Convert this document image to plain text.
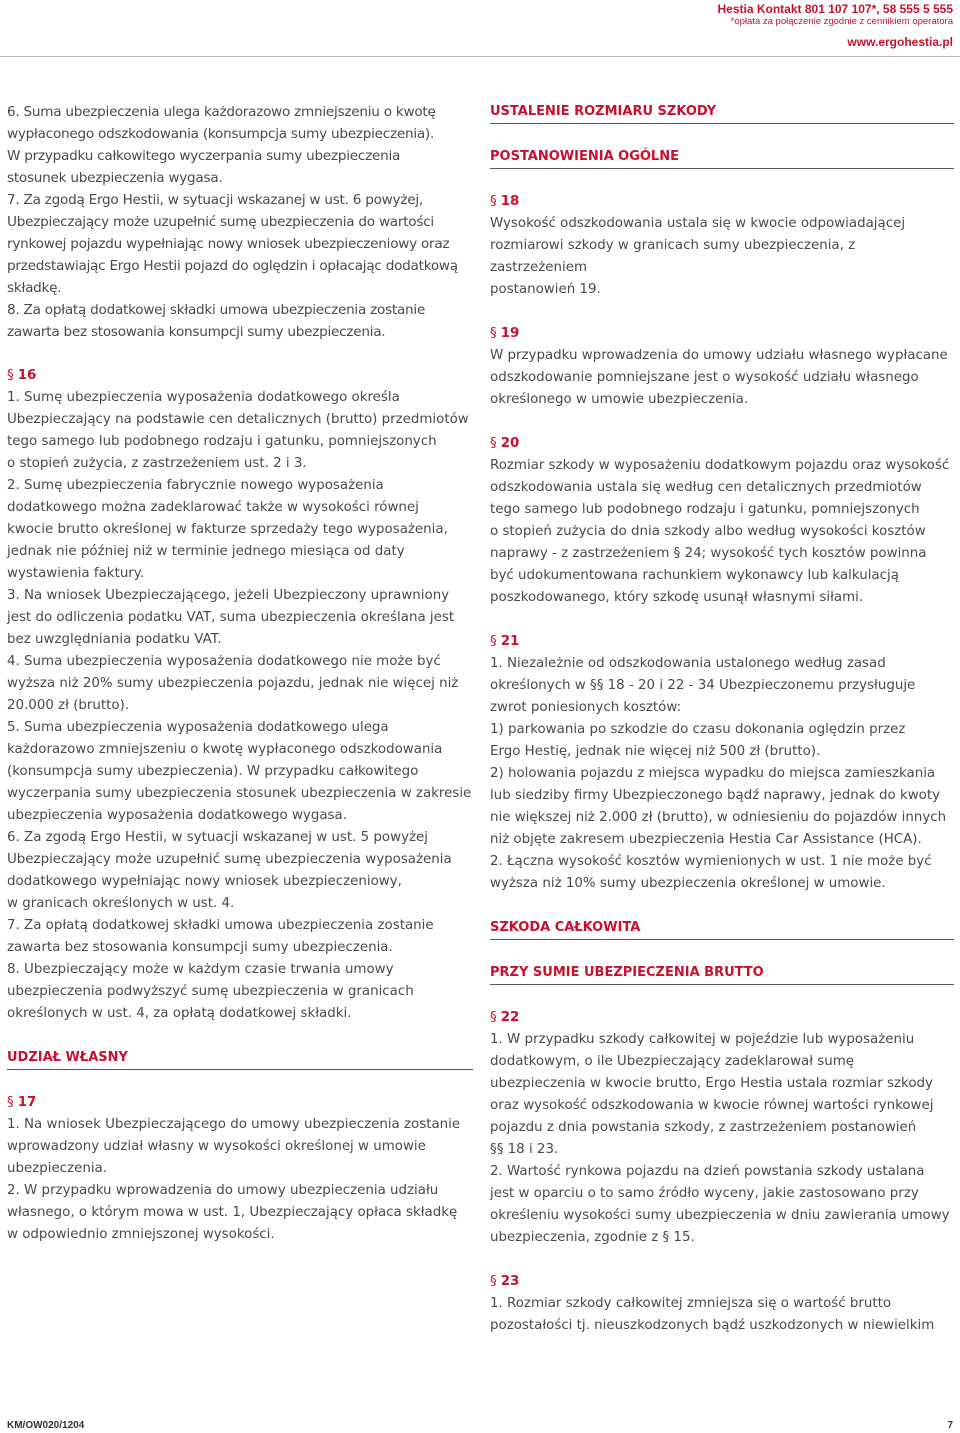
Hestia Kontakt 801 107 107*, 58 555 5 555
*opłata za połączenie zgodnie z cennikiem operatora
www.ergohestia.pl

6. Suma ubezpieczenia ulega każdorazowo zmniejszeniu o kwotę

wypłaconego odszkodowania (konsumpcja sumy ubezpieczenia).

W przypadku całkowitego wyczerpania sumy ubezpieczenia

stosunek ubezpieczenia wygasa.

7. Za zgodą Ergo Hestii, w sytuacji wskazanej w ust. 6 powyżej,

Ubezpieczający może uzupełnić sumę ubezpieczenia do wartości

rynkowej pojazdu wypełniając nowy wniosek ubezpieczeniowy oraz

przedstawiając Ergo Hestii pojazd do oględzin i opłacając dodatkową

składkę.

8. Za opłatą dodatkowej składki umowa ubezpieczenia zostanie

zawarta bez stosowania konsumpcji sumy ubezpieczenia.

§ 16

1. Sumę ubezpieczenia wyposażenia dodatkowego określa

Ubezpieczający na podstawie cen detalicznych (brutto) przedmiotów

tego samego lub podobnego rodzaju i gatunku, pomniejszonych

o stopień zużycia, z zastrzeżeniem ust. 2 i 3.

2. Sumę ubezpieczenia fabrycznie nowego wyposażenia

dodatkowego można zadeklarować także w wysokości równej

kwocie brutto określonej w fakturze sprzedaży tego wyposażenia,

jednak nie później niż w terminie jednego miesiąca od daty

wystawienia faktury.

3. Na wniosek Ubezpieczającego, jeżeli Ubezpieczony uprawniony

jest do odliczenia podatku VAT, suma ubezpieczenia określana jest

bez uwzględniania podatku VAT.

4. Suma ubezpieczenia wyposażenia dodatkowego nie może być

wyższa niż 20% sumy ubezpieczenia pojazdu, jednak nie więcej niż

20.000 zł (brutto).

5. Suma ubezpieczenia wyposażenia dodatkowego ulega

każdorazowo zmniejszeniu o kwotę wypłaconego odszkodowania

(konsumpcja sumy ubezpieczenia). W przypadku całkowitego

wyczerpania sumy ubezpieczenia stosunek ubezpieczenia w zakresie

ubezpieczenia wyposażenia dodatkowego wygasa.

6. Za zgodą Ergo Hestii, w sytuacji wskazanej w ust. 5 powyżej

Ubezpieczający może uzupełnić sumę ubezpieczenia wyposażenia

dodatkowego wypełniając nowy wniosek ubezpieczeniowy,

w granicach określonych w ust. 4.

7. Za opłatą dodatkowej składki umowa ubezpieczenia zostanie

zawarta bez stosowania konsumpcji sumy ubezpieczenia.

8. Ubezpieczający może w każdym czasie trwania umowy

ubezpieczenia podwyższyć sumę ubezpieczenia w granicach

określonych w ust. 4, za opłatą dodatkowej składki.

UDZIAŁ WŁASNY

§ 17

1. Na wniosek Ubezpieczającego do umowy ubezpieczenia zostanie

wprowadzony udział własny w wysokości określonej w umowie

ubezpieczenia.

2. W przypadku wprowadzenia do umowy ubezpieczenia udziału

własnego, o którym mowa w ust. 1, Ubezpieczający opłaca składkę

w odpowiednio zmniejszonej wysokości.

USTALENIE ROZMIARU SZKODY

POSTANOWIENIA OGÓLNE

§ 18

Wysokość odszkodowania ustala się w kwocie odpowiadającej

rozmiarowi szkody w granicach sumy ubezpieczenia, z zastrzeżeniem

postanowień 19.

§ 19

W przypadku wprowadzenia do umowy udziału własnego wypłacane

odszkodowanie pomniejszane jest o wysokość udziału własnego

określonego w umowie ubezpieczenia.

§ 20

Rozmiar szkody w wyposażeniu dodatkowym pojazdu oraz wysokość

odszkodowania ustala się według cen detalicznych przedmiotów

tego samego lub podobnego rodzaju i gatunku, pomniejszonych

o stopień zużycia do dnia szkody albo według wysokości kosztów

naprawy - z zastrzeżeniem § 24; wysokość tych kosztów powinna

być udokumentowana rachunkiem wykonawcy lub kalkulacją

poszkodowanego, który szkodę usunął własnymi siłami.

§ 21

1. Niezależnie od odszkodowania ustalonego według zasad

określonych w §§ 18 - 20 i 22 - 34 Ubezpieczonemu przysługuje

zwrot poniesionych kosztów:

1) parkowania po szkodzie do czasu dokonania oględzin przez

Ergo Hestię, jednak nie więcej niż 500 zł (brutto).

2) holowania pojazdu z miejsca wypadku do miejsca zamieszkania

lub siedziby firmy Ubezpieczonego bądź naprawy, jednak do kwoty

nie większej niż 2.000 zł (brutto), w odniesieniu do pojazdów innych

niż objęte zakresem ubezpieczenia Hestia Car Assistance (HCA).

2. Łączna wysokość kosztów wymienionych w ust. 1 nie może być

wyższa niż 10% sumy ubezpieczenia określonej w umowie.

SZKODA CAŁKOWITA

PRZY SUMIE UBEZPIECZENIA BRUTTO

§ 22

1. W przypadku szkody całkowitej w pojeździe lub wyposażeniu

dodatkowym, o ile Ubezpieczający zadeklarował sumę

ubezpieczenia w kwocie brutto, Ergo Hestia ustala rozmiar szkody

oraz wysokość odszkodowania w kwocie równej wartości rynkowej

pojazdu z dnia powstania szkody, z zastrzeżeniem postanowień

§§ 18 i 23.

2. Wartość rynkowa pojazdu na dzień powstania szkody ustalana

jest w oparciu o to samo źródło wyceny, jakie zastosowano przy

określeniu wysokości sumy ubezpieczenia w dniu zawierania umowy

ubezpieczenia, zgodnie z § 15.

§ 23

1. Rozmiar szkody całkowitej zmniejsza się o wartość brutto

pozostałości tj. nieuszkodzonych bądź uszkodzonych w niewielkim

KM/OW020/1204	7
